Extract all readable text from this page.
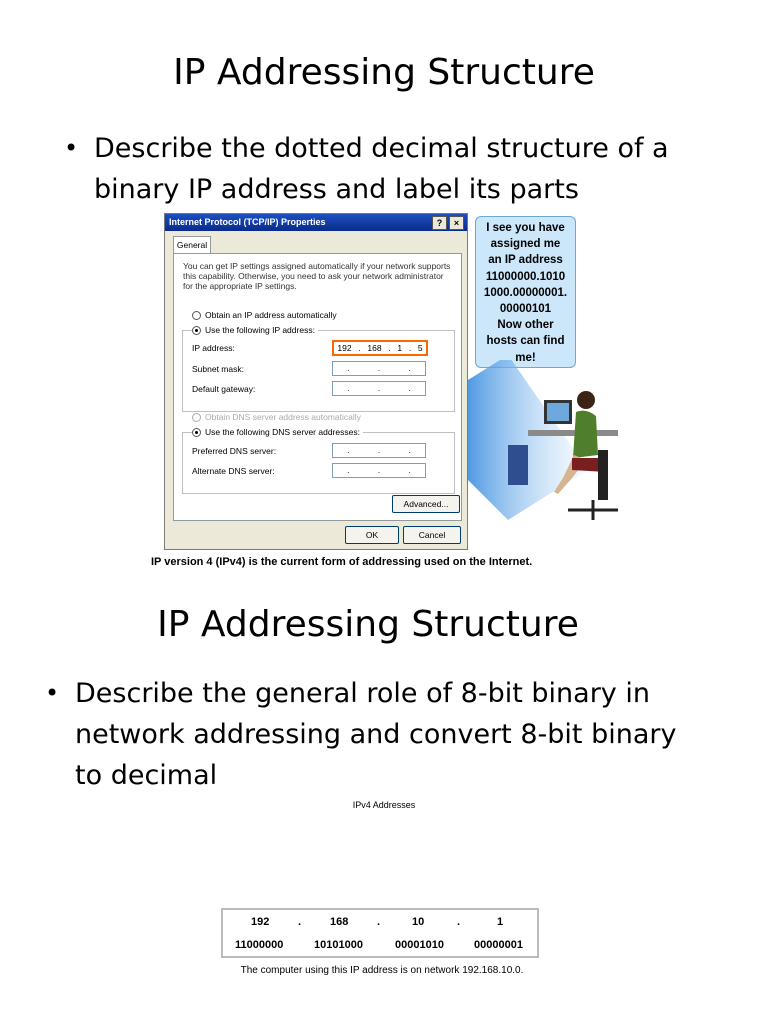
IP Addressing Structure
• Describe the dotted decimal structure of a
binary IP address and label its parts
Internet Protocol (TCP/IP) Properties	?	×
General
You can get IP settings assigned automatically if your network supports this capability. Otherwise, you need to ask your network administrator for the appropriate IP settings.
Obtain an IP address automatically
Use the following IP address:
IP address:	192 . 168 . 1 . 5
Subnet mask:	.	.	.
Default gateway:	.	.	.
Obtain DNS server address automatically
Use the following DNS server addresses:
Preferred DNS server:	.	.	.
Alternate DNS server:	.	.	.
Advanced...
OK	Cancel
I see you have
assigned me
an IP address
11000000.1010
1000.00000001.
00000101
Now other
hosts can find
me!
IP version 4 (IPv4) is the current form of addressing used on the Internet.
IP Addressing Structure
• Describe the general role of 8-bit binary in
network addressing and convert 8-bit binary
to decimal
IPv4 Addresses
192	.	168	.	10	.	1
11000000	10101000	00001010	00000001
The computer using this IP address is on network 192.168.10.0.
